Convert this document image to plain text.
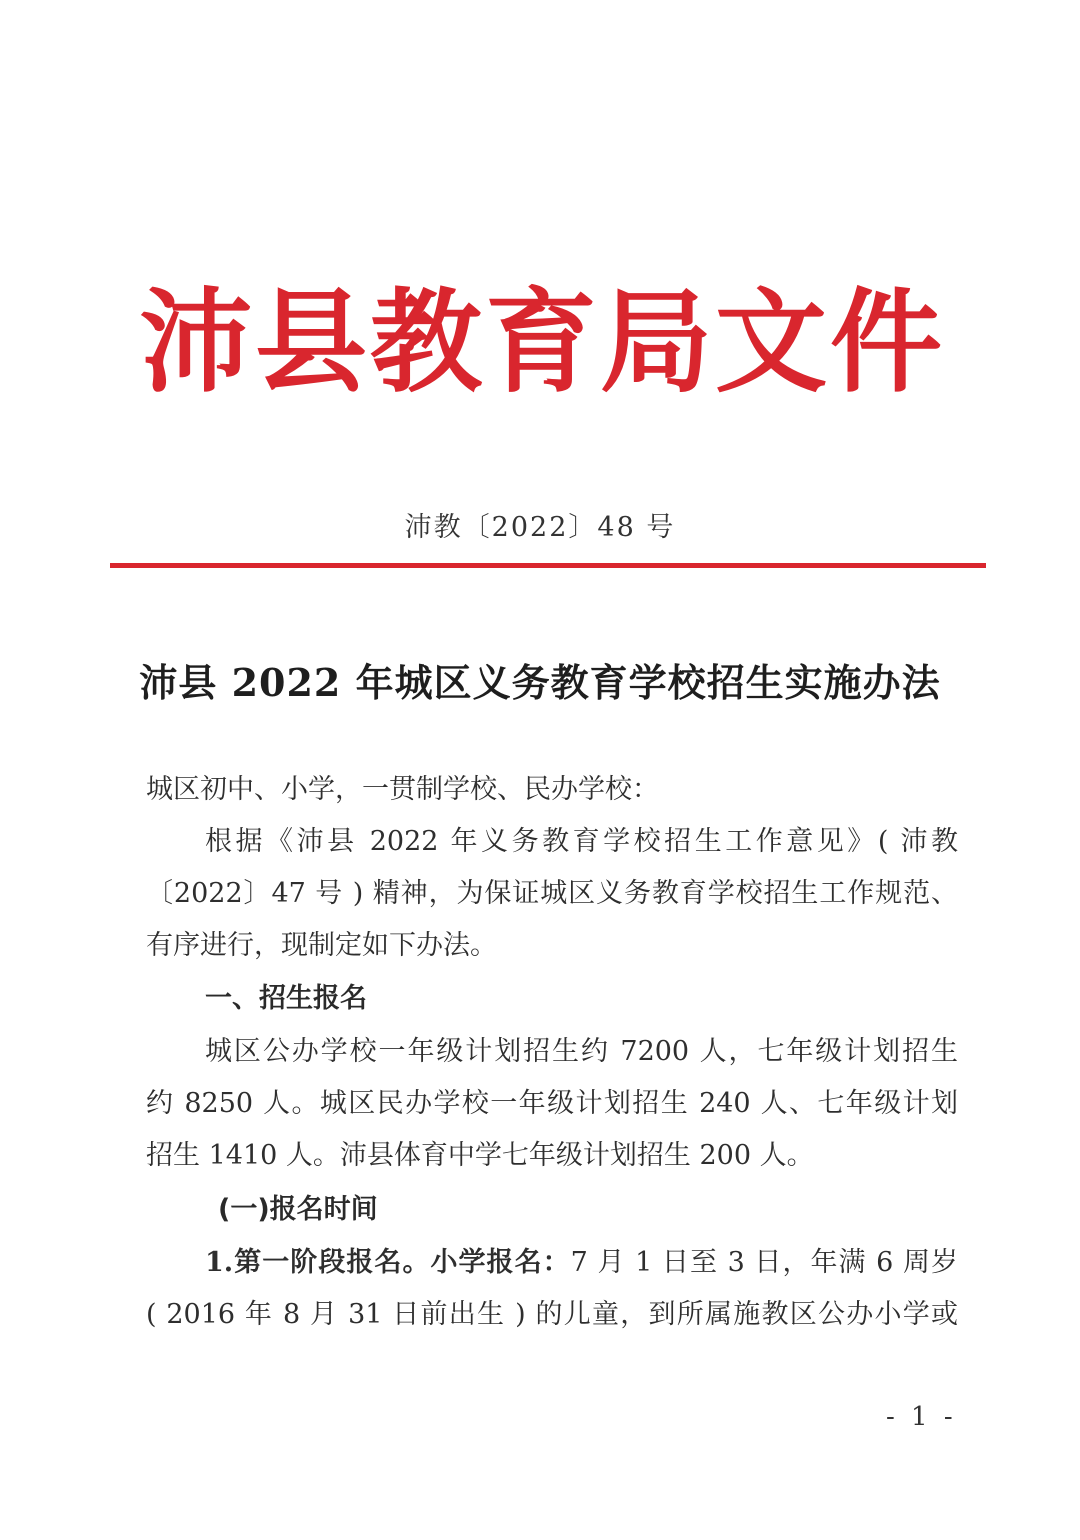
沛 县 教 育 局 文 件
沛教〔2022〕48 号
沛县 2022 年城区义务教育学校招生实施办法
城区初中、小学，一贯制学校、民办学校：
根据《沛县 2022 年义务教育学校招生工作意见》( 沛教
〔2022〕47 号 ) 精神，为保证城区义务教育学校招生工作规范、
有序进行，现制定如下办法。
一、招生报名
城区公办学校一年级计划招生约 7200 人，七年级计划招生
约 8250 人。城区民办学校一年级计划招生 240 人、七年级计划
招生 1410 人。沛县体育中学七年级计划招生 200 人。
(一)报名时间
1.第一阶段报名。小学报名：7 月 1 日至 3 日，年满 6 周岁
( 2016 年 8 月 31 日前出生 ) 的儿童，到所属施教区公办小学或
- 1 -
